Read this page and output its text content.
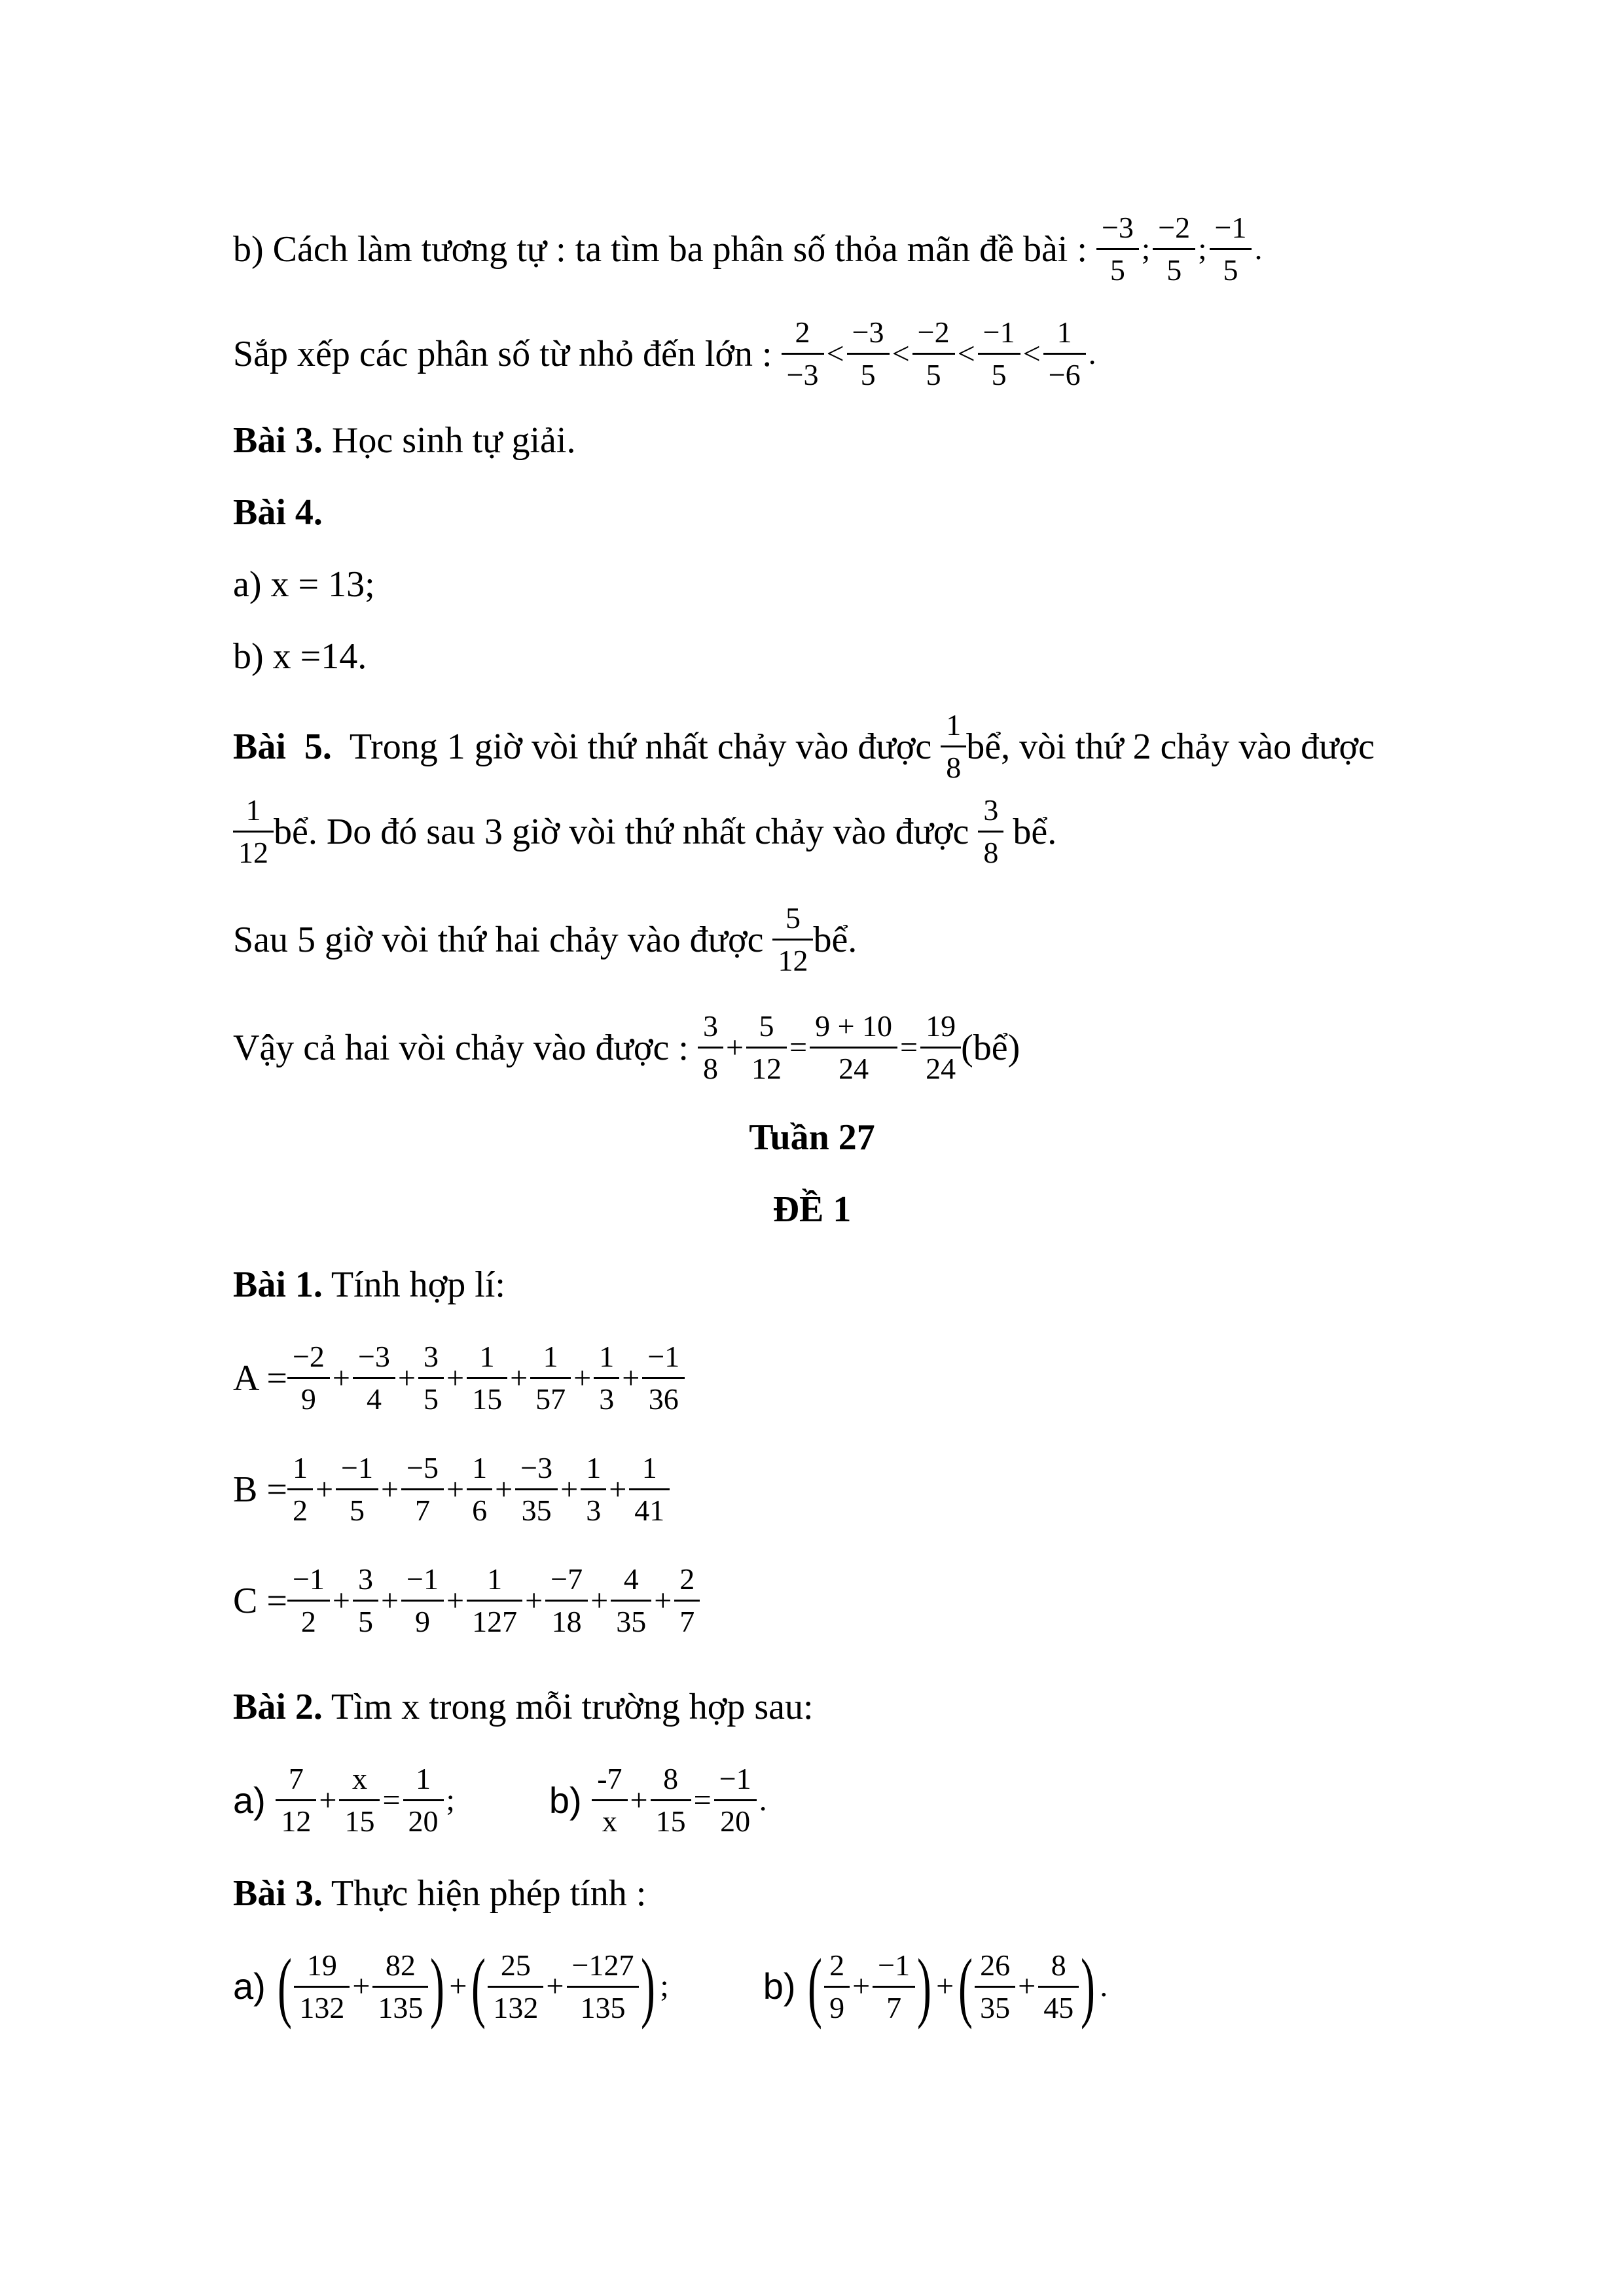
b) Cách làm tương tự : ta tìm ba phân số thỏa mãn đề bài :
$\frac{-3}{5}$ ; $\frac{-2}{5}$ ; $\frac{-1}{5}$ .
Sắp xếp các phân số từ nhỏ đến lớn :
$\frac{2}{-3} < \frac{-3}{5} < \frac{-2}{5} < \frac{-1}{5} < \frac{1}{-6}$ .
Bài 3. Học sinh tự giải.
Bài 4.
a) x = 13;
b) x =14.
Bài  5. Trong 1 giờ vòi thứ nhất chảy vào được $\frac{1}{8}$ bể, vòi thứ 2 chảy vào được
$\frac{1}{12}$ bể. Do đó sau 3 giờ vòi thứ nhất chảy vào được $\frac{3}{8}$ bể.
Sau 5 giờ vòi thứ hai chảy vào được $\frac{5}{12}$ bể.
Vậy cả hai vòi chảy vào được : $\frac{3}{8} + \frac{5}{12} = \frac{9 + 10}{24} = \frac{19}{24}$ (bể)
Tuần 27
ĐỀ 1
Bài 1. Tính hợp lí:
$A = \frac{-2}{9} + \frac{-3}{4} + \frac{3}{5} + \frac{1}{15} + \frac{1}{57} + \frac{1}{3} + \frac{-1}{36}$
$B = \frac{1}{2} + \frac{-1}{5} + \frac{-5}{7} + \frac{1}{6} + \frac{-3}{35} + \frac{1}{3} + \frac{1}{41}$
$C = \frac{-1}{2} + \frac{3}{5} + \frac{-1}{9} + \frac{1}{127} + \frac{-7}{18} + \frac{4}{35} + \frac{2}{7}$
Bài 2. Tìm x trong mỗi trường hợp sau:
$a) \frac{7}{12} + \frac{x}{15} = \frac{1}{20}$ ;	$b) \frac{-7}{x} + \frac{8}{15} = \frac{-1}{20}$ .
Bài 3. Thực hiện phép tính :
a) ( $\frac{19}{132} + \frac{82}{135}$ ) + ( $\frac{25}{132} + \frac{-127}{135}$ ) ;	b) ( $\frac{2}{9} + \frac{-1}{7}$ ) + ( $\frac{26}{35} + \frac{8}{45}$ ) .
